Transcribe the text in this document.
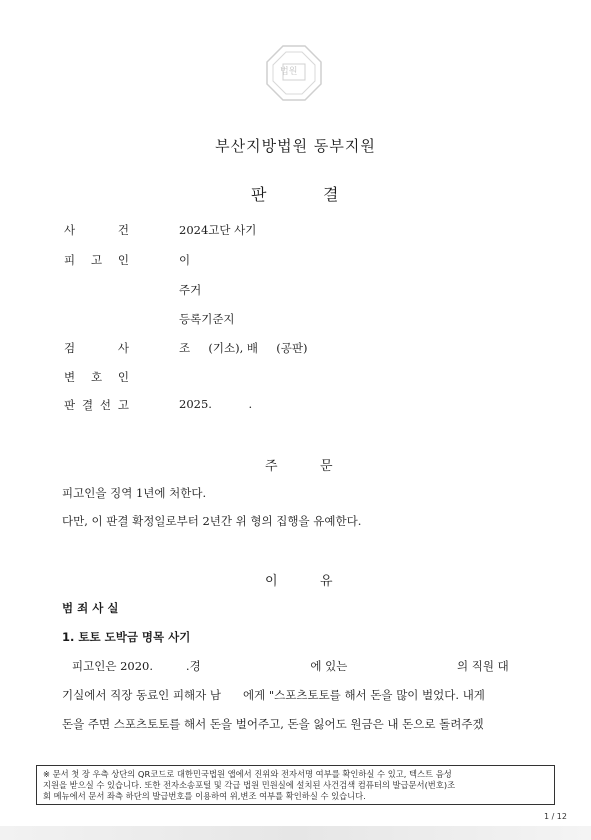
법원
부산지방법원 동부지원
판	결
사	건	2024고단 사기
피 고 인	이
주거
등록기준지
검	사	조     (기소), 배     (공판)
변 호 인
판 결 선 고	2025.          .
주	문
피고인을 징역 1년에 처한다.
다만, 이 판결 확정일로부터 2년간 위 형의 집행을 유예한다.
이	유
범 죄 사 실
1. 토토 도박금 명목 사기
피고인은 2020.         .경                              에 있는                              의 직원 대
기실에서 직장 동료인 피해자 남      에게 "스포츠토토를 해서 돈을 많이 벌었다. 내게
돈을 주면 스포츠토토를 해서 돈을 벌어주고, 돈을 잃어도 원금은 내 돈으로 돌려주겠
※ 문서 첫 장 우측 상단의 QR코드로 대한민국법원 앱에서 진위와 전자서명 여부를 확인하실 수 있고, 텍스트 음성
지원을 받으실 수 있습니다. 또한 전자소송포털 및 각급 법원 민원실에 설치된 사건검색 컴퓨터의 발급문서(번호)조
회 메뉴에서 문서 좌측 하단의 발급번호를 이용하여 위,변조 여부를 확인하실 수 있습니다.
1 / 12
